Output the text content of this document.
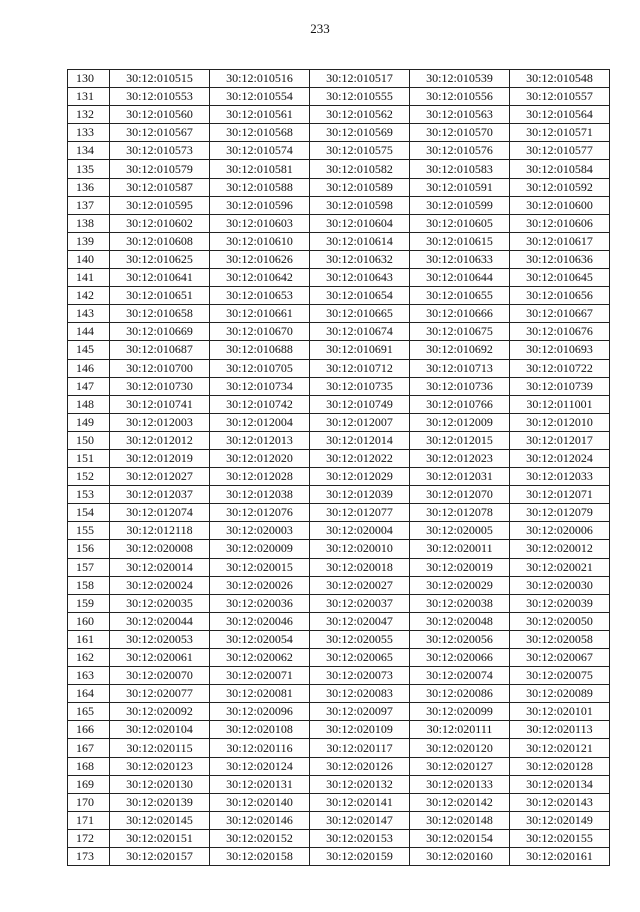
233
130	30:12:010515	30:12:010516	30:12:010517	30:12:010539	30:12:010548
131	30:12:010553	30:12:010554	30:12:010555	30:12:010556	30:12:010557
132	30:12:010560	30:12:010561	30:12:010562	30:12:010563	30:12:010564
133	30:12:010567	30:12:010568	30:12:010569	30:12:010570	30:12:010571
134	30:12:010573	30:12:010574	30:12:010575	30:12:010576	30:12:010577
135	30:12:010579	30:12:010581	30:12:010582	30:12:010583	30:12:010584
136	30:12:010587	30:12:010588	30:12:010589	30:12:010591	30:12:010592
137	30:12:010595	30:12:010596	30:12:010598	30:12:010599	30:12:010600
138	30:12:010602	30:12:010603	30:12:010604	30:12:010605	30:12:010606
139	30:12:010608	30:12:010610	30:12:010614	30:12:010615	30:12:010617
140	30:12:010625	30:12:010626	30:12:010632	30:12:010633	30:12:010636
141	30:12:010641	30:12:010642	30:12:010643	30:12:010644	30:12:010645
142	30:12:010651	30:12:010653	30:12:010654	30:12:010655	30:12:010656
143	30:12:010658	30:12:010661	30:12:010665	30:12:010666	30:12:010667
144	30:12:010669	30:12:010670	30:12:010674	30:12:010675	30:12:010676
145	30:12:010687	30:12:010688	30:12:010691	30:12:010692	30:12:010693
146	30:12:010700	30:12:010705	30:12:010712	30:12:010713	30:12:010722
147	30:12:010730	30:12:010734	30:12:010735	30:12:010736	30:12:010739
148	30:12:010741	30:12:010742	30:12:010749	30:12:010766	30:12:011001
149	30:12:012003	30:12:012004	30:12:012007	30:12:012009	30:12:012010
150	30:12:012012	30:12:012013	30:12:012014	30:12:012015	30:12:012017
151	30:12:012019	30:12:012020	30:12:012022	30:12:012023	30:12:012024
152	30:12:012027	30:12:012028	30:12:012029	30:12:012031	30:12:012033
153	30:12:012037	30:12:012038	30:12:012039	30:12:012070	30:12:012071
154	30:12:012074	30:12:012076	30:12:012077	30:12:012078	30:12:012079
155	30:12:012118	30:12:020003	30:12:020004	30:12:020005	30:12:020006
156	30:12:020008	30:12:020009	30:12:020010	30:12:020011	30:12:020012
157	30:12:020014	30:12:020015	30:12:020018	30:12:020019	30:12:020021
158	30:12:020024	30:12:020026	30:12:020027	30:12:020029	30:12:020030
159	30:12:020035	30:12:020036	30:12:020037	30:12:020038	30:12:020039
160	30:12:020044	30:12:020046	30:12:020047	30:12:020048	30:12:020050
161	30:12:020053	30:12:020054	30:12:020055	30:12:020056	30:12:020058
162	30:12:020061	30:12:020062	30:12:020065	30:12:020066	30:12:020067
163	30:12:020070	30:12:020071	30:12:020073	30:12:020074	30:12:020075
164	30:12:020077	30:12:020081	30:12:020083	30:12:020086	30:12:020089
165	30:12:020092	30:12:020096	30:12:020097	30:12:020099	30:12:020101
166	30:12:020104	30:12:020108	30:12:020109	30:12:020111	30:12:020113
167	30:12:020115	30:12:020116	30:12:020117	30:12:020120	30:12:020121
168	30:12:020123	30:12:020124	30:12:020126	30:12:020127	30:12:020128
169	30:12:020130	30:12:020131	30:12:020132	30:12:020133	30:12:020134
170	30:12:020139	30:12:020140	30:12:020141	30:12:020142	30:12:020143
171	30:12:020145	30:12:020146	30:12:020147	30:12:020148	30:12:020149
172	30:12:020151	30:12:020152	30:12:020153	30:12:020154	30:12:020155
173	30:12:020157	30:12:020158	30:12:020159	30:12:020160	30:12:020161
